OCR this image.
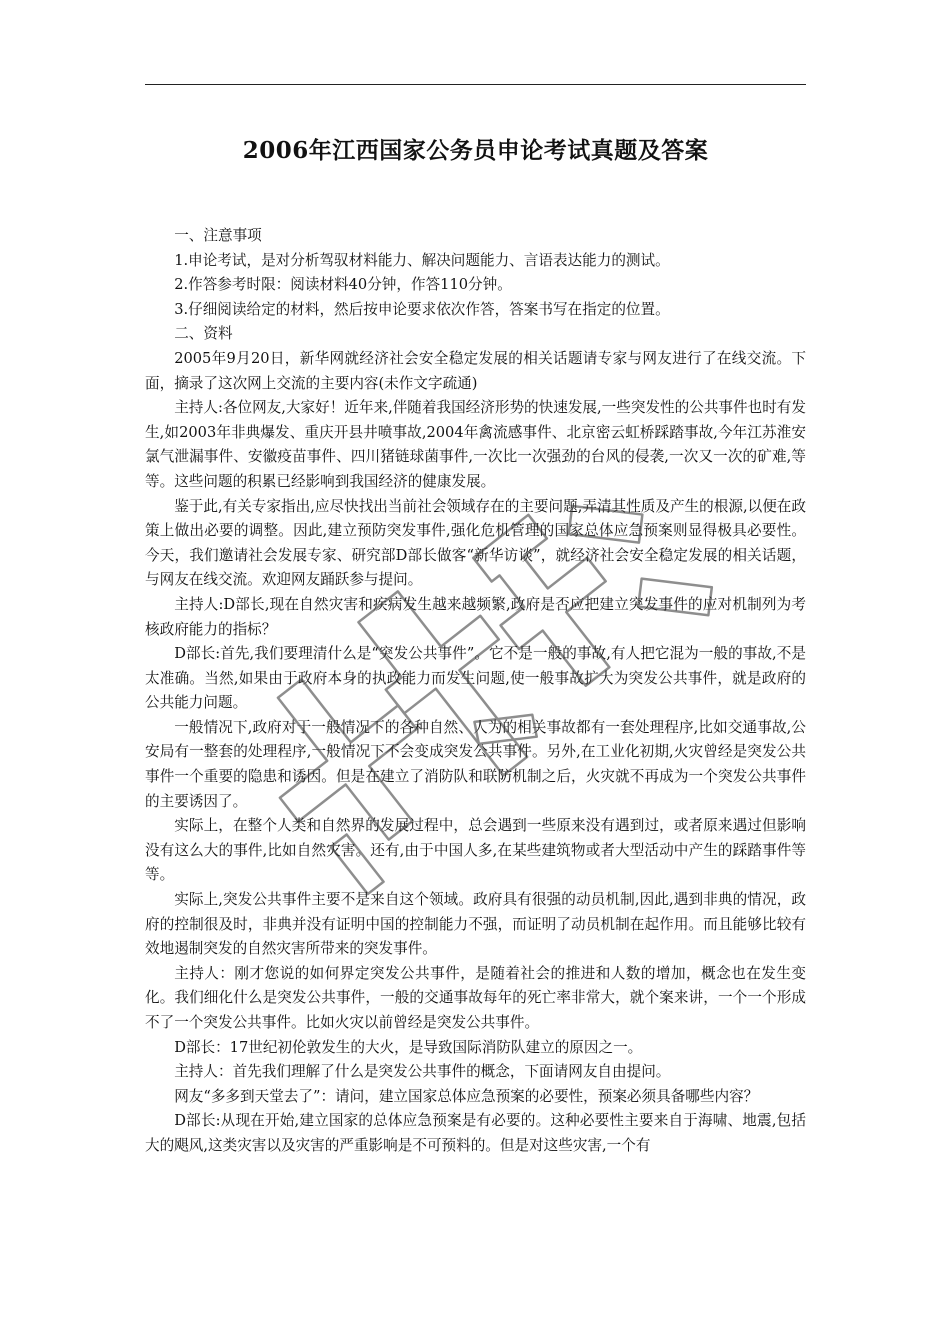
2006年江西国家公务员申论考试真题及答案

一、注意事项

1.申论考试，是对分析驾驭材料能力、解决问题能力、言语表达能力的测试。

2.作答参考时限：阅读材料40分钟，作答110分钟。

3.仔细阅读给定的材料，然后按申论要求依次作答，答案书写在指定的位置。

二、资料

2005年9月20日，新华网就经济社会安全稳定发展的相关话题请专家与网友进行了在线交流。下面，摘录了这次网上交流的主要内容(未作文字疏通)

主持人:各位网友,大家好！近年来,伴随着我国经济形势的快速发展,一些突发性的公共事件也时有发生,如2003年非典爆发、重庆开县井喷事故,2004年禽流感事件、北京密云虹桥踩踏事故,今年江苏淮安氯气泄漏事件、安徽疫苗事件、四川猪链球菌事件,一次比一次强劲的台风的侵袭,一次又一次的矿难,等等。这些问题的积累已经影响到我国经济的健康发展。

鉴于此,有关专家指出,应尽快找出当前社会领域存在的主要问题,弄清其性质及产生的根源,以便在政策上做出必要的调整。因此,建立预防突发事件,强化危机管理的国家总体应急预案则显得极具必要性。今天，我们邀请社会发展专家、研究部D部长做客“新华访谈”，就经济社会安全稳定发展的相关话题，与网友在线交流。欢迎网友踊跃参与提问。

主持人:D部长,现在自然灾害和疾病发生越来越频繁,政府是否应把建立突发事件的应对机制列为考核政府能力的指标？

D部长:首先,我们要理清什么是“突发公共事件”。它不是一般的事故,有人把它混为一般的事故,不是太准确。当然,如果由于政府本身的执政能力而发生问题,使一般事故扩大为突发公共事件，就是政府的公共能力问题。

一般情况下,政府对于一般情况下的各种自然、人为的相关事故都有一套处理程序,比如交通事故,公安局有一整套的处理程序,一般情况下不会变成突发公共事件。另外,在工业化初期,火灾曾经是突发公共事件一个重要的隐患和诱因。但是在建立了消防队和联防机制之后，火灾就不再成为一个突发公共事件的主要诱因了。

实际上，在整个人类和自然界的发展过程中，总会遇到一些原来没有遇到过，或者原来遇过但影响没有这么大的事件,比如自然灾害。还有,由于中国人多,在某些建筑物或者大型活动中产生的踩踏事件等等。

实际上,突发公共事件主要不是来自这个领域。政府具有很强的动员机制,因此,遇到非典的情况，政府的控制很及时，非典并没有证明中国的控制能力不强，而证明了动员机制在起作用。而且能够比较有效地遏制突发的自然灾害所带来的突发事件。

主持人：刚才您说的如何界定突发公共事件，是随着社会的推进和人数的增加，概念也在发生变化。我们细化什么是突发公共事件，一般的交通事故每年的死亡率非常大，就个案来讲，一个一个形成不了一个突发公共事件。比如火灾以前曾经是突发公共事件。

D部长：17世纪初伦敦发生的大火，是导致国际消防队建立的原因之一。

主持人：首先我们理解了什么是突发公共事件的概念，下面请网友自由提问。

网友“多多到天堂去了”：请问，建立国家总体应急预案的必要性，预案必须具备哪些内容？

D部长:从现在开始,建立国家的总体应急预案是有必要的。这种必要性主要来自于海啸、地震,包括大的飓风,这类灾害以及灾害的严重影响是不可预料的。但是对这些灾害,一个有
